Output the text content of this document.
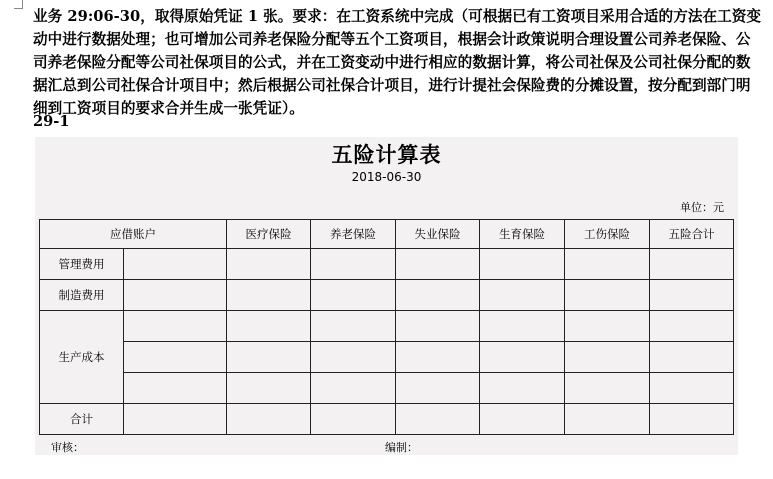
业务 29:06-30，取得原始凭证 1 张。要求：在工资系统中完成（可根据已有工资项目采用合适的方法在工资变动中进行数据处理；也可增加公司养老保险分配等五个工资项目，根据会计政策说明合理设置公司养老保险、公司养老保险分配等公司社保项目的公式，并在工资变动中进行相应的数据计算，将公司社保及公司社保分配的数据汇总到公司社保合计项目中；然后根据公司社保合计项目，进行计提社会保险费的分摊设置，按分配到部门明细到工资项目的要求合并生成一张凭证）。
29-1
五险计算表
2018-06-30
单位：元
应借账户		医疗保险	养老保险	失业保险	生育保险	工伤保险	五险合计
管理费用							
制造费用							
生产成本							

合计							
审核：	编制：
